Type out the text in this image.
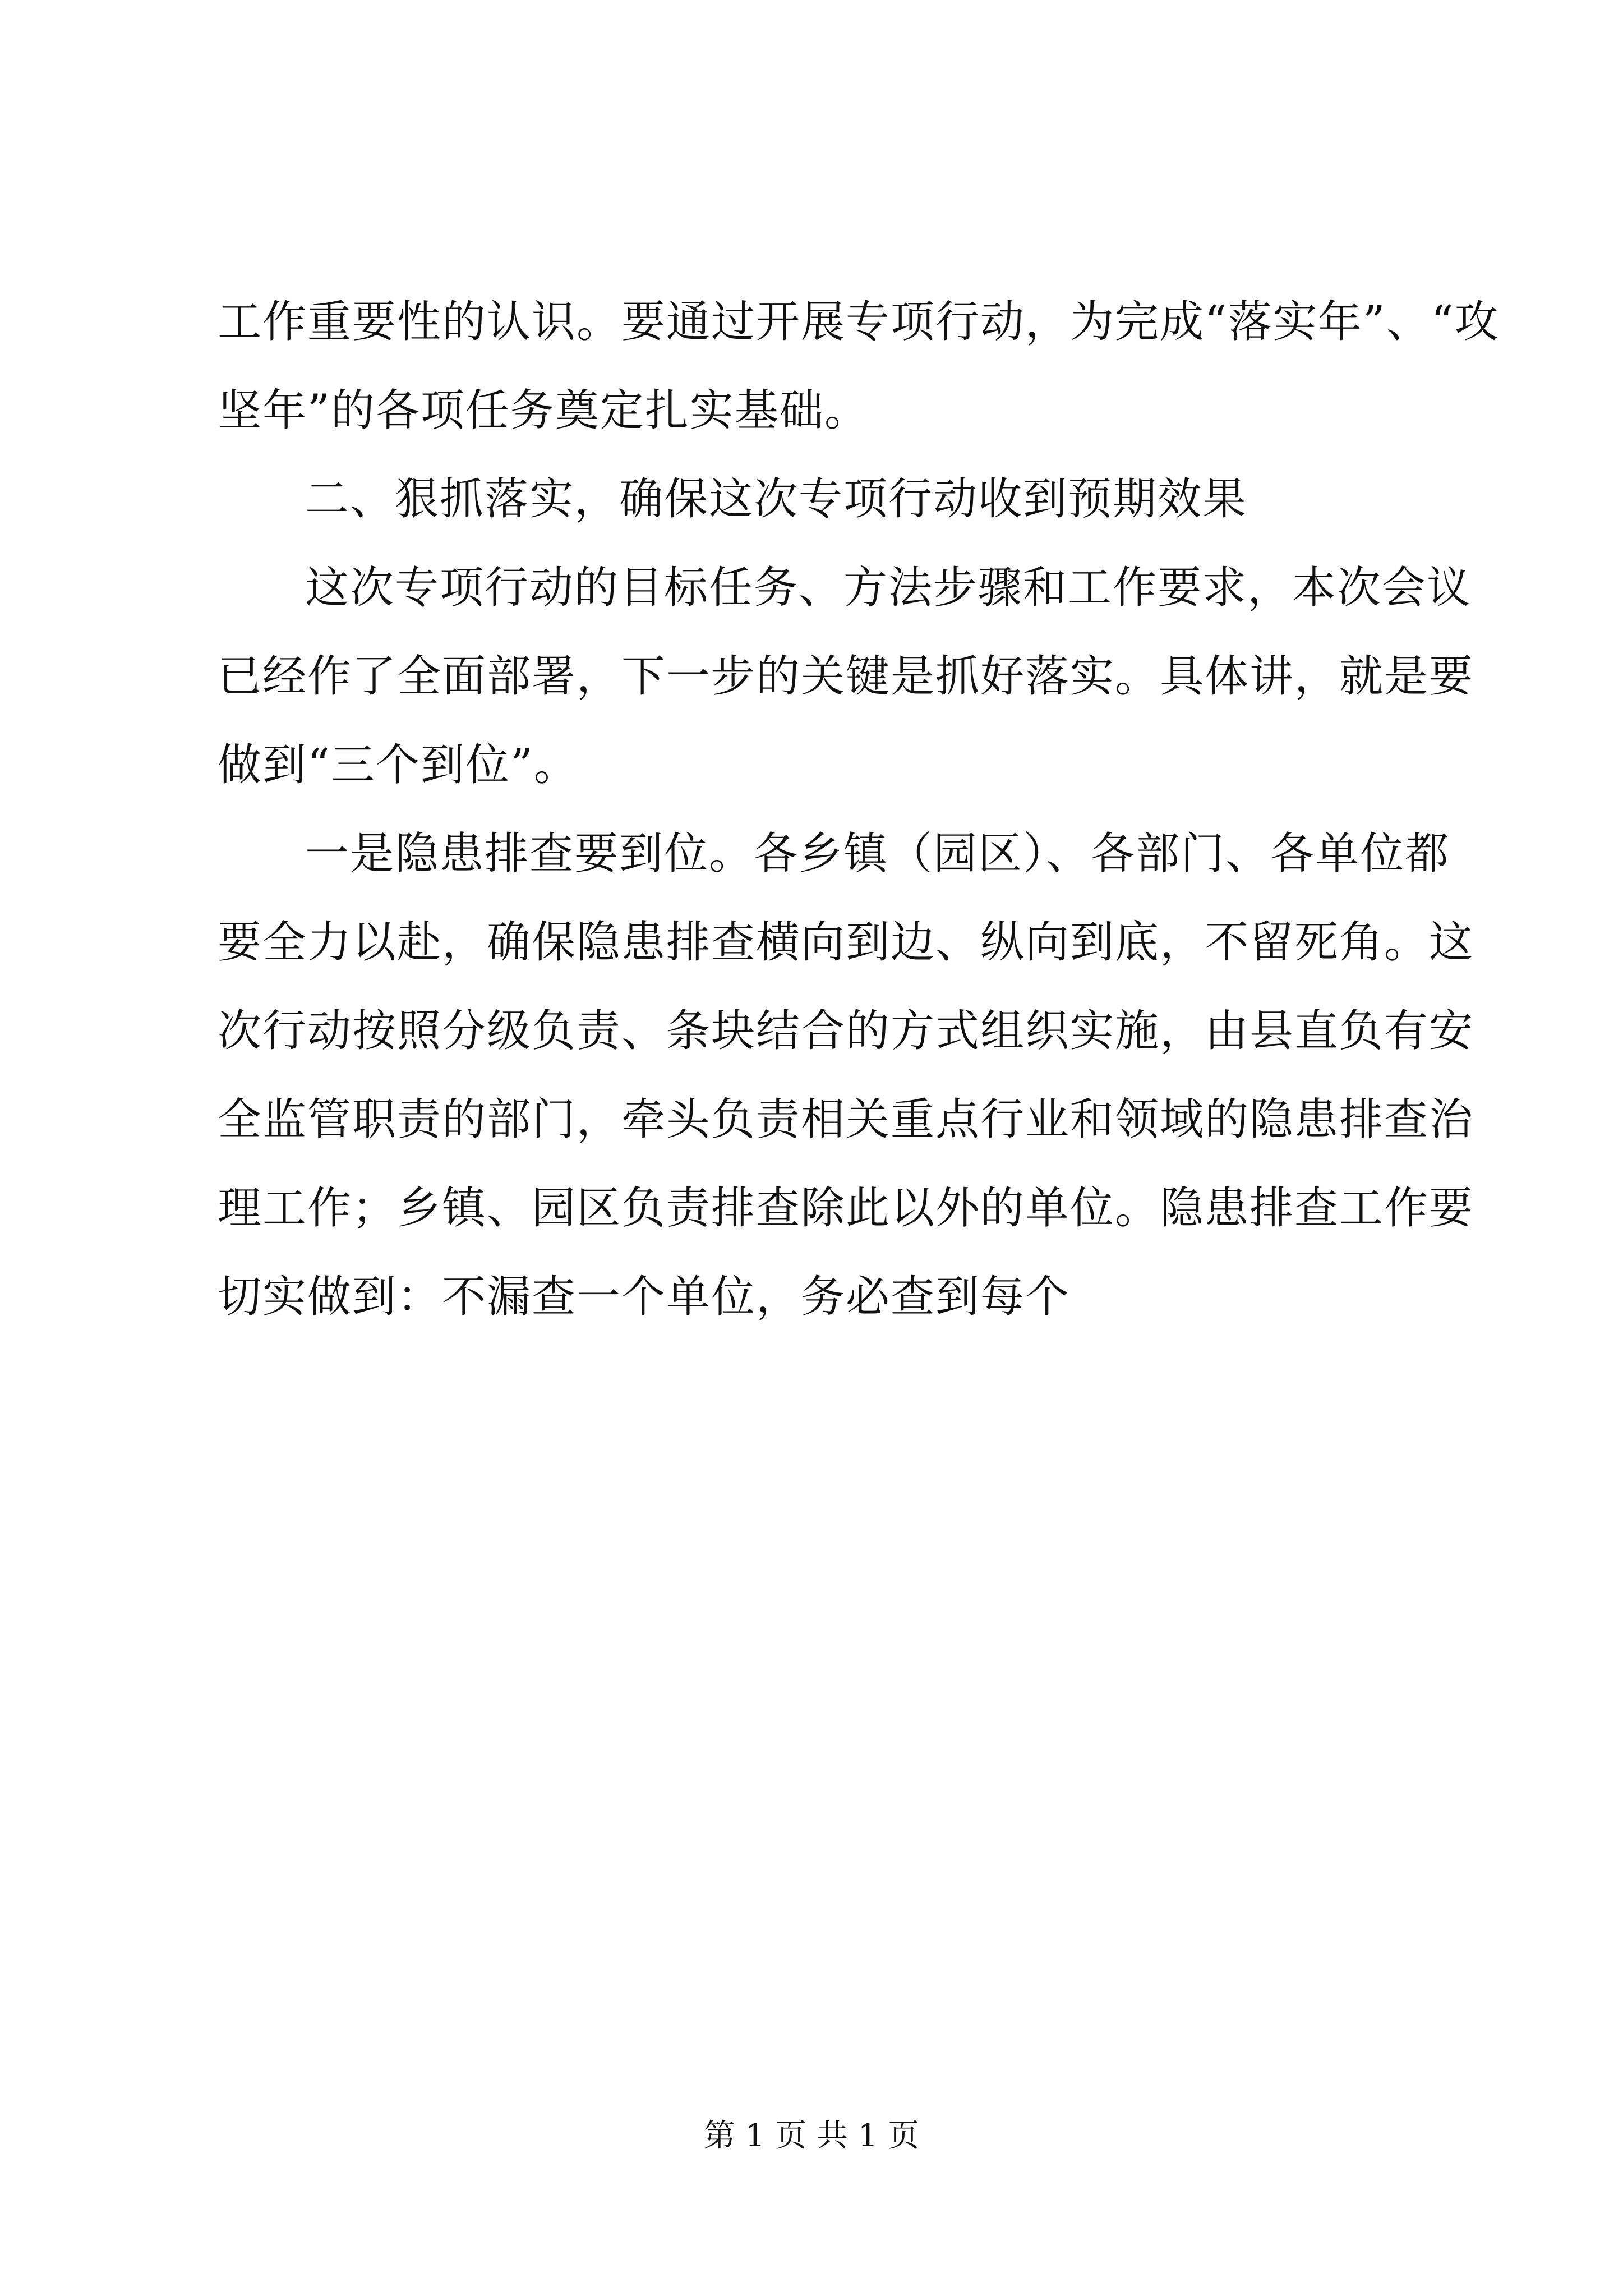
工作重要性的认识。要通过开展专项行动，为完成“落实年”、“攻
坚年”的各项任务奠定扎实基础。
二、狠抓落实，确保这次专项行动收到预期效果
这次专项行动的目标任务、方法步骤和工作要求，本次会议
已经作了全面部署，下一步的关键是抓好落实。具体讲，就是要
做到“三个到位”。
一是隐患排查要到位。各乡镇（园区）、各部门、各单位都
要全力以赴，确保隐患排查横向到边、纵向到底，不留死角。这
次行动按照分级负责、条块结合的方式组织实施，由县直负有安
全监管职责的部门，牵头负责相关重点行业和领域的隐患排查治
理工作；乡镇、园区负责排查除此以外的单位。隐患排查工作要
切实做到：不漏查一个单位，务必查到每个
第 1 页 共 1 页
